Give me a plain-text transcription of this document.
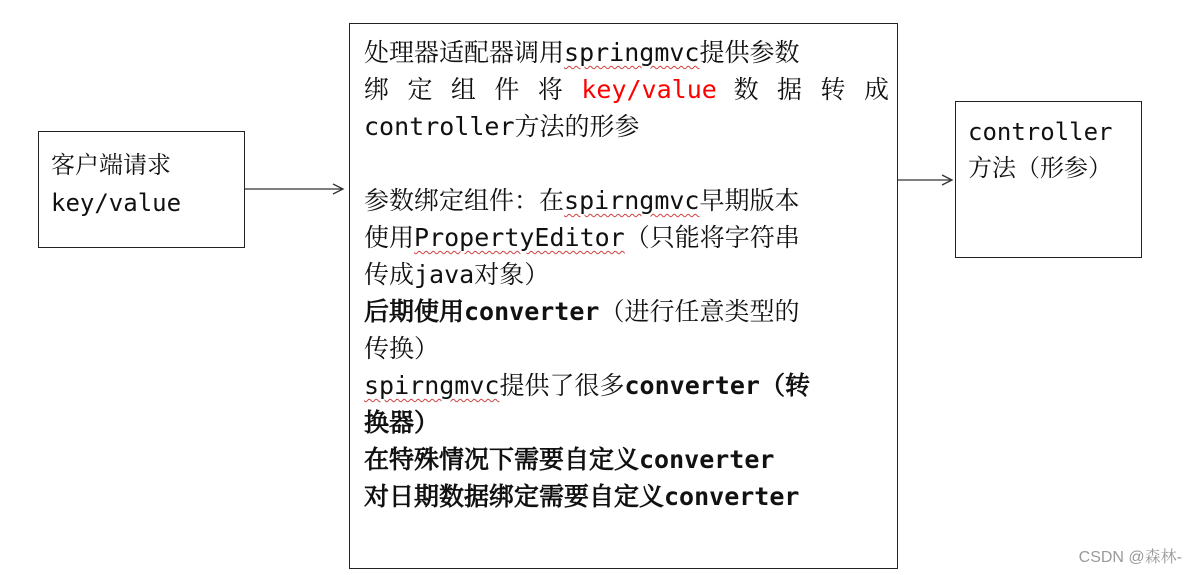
客户端请求
key/value
处理器适配器调用springmvc提供参数
绑 定 组 件 将 key/value 数 据 转 成
controller方法的形参
参数绑定组件：在spirngmvc早期版本
使用PropertyEditor（只能将字符串
传成java对象）
后期使用converter（进行任意类型的
传换）
spirngmvc提供了很多converter（转
换器）
在特殊情况下需要自定义converter
对日期数据绑定需要自定义converter
controller
方法（形参）
CSDN @森林-
